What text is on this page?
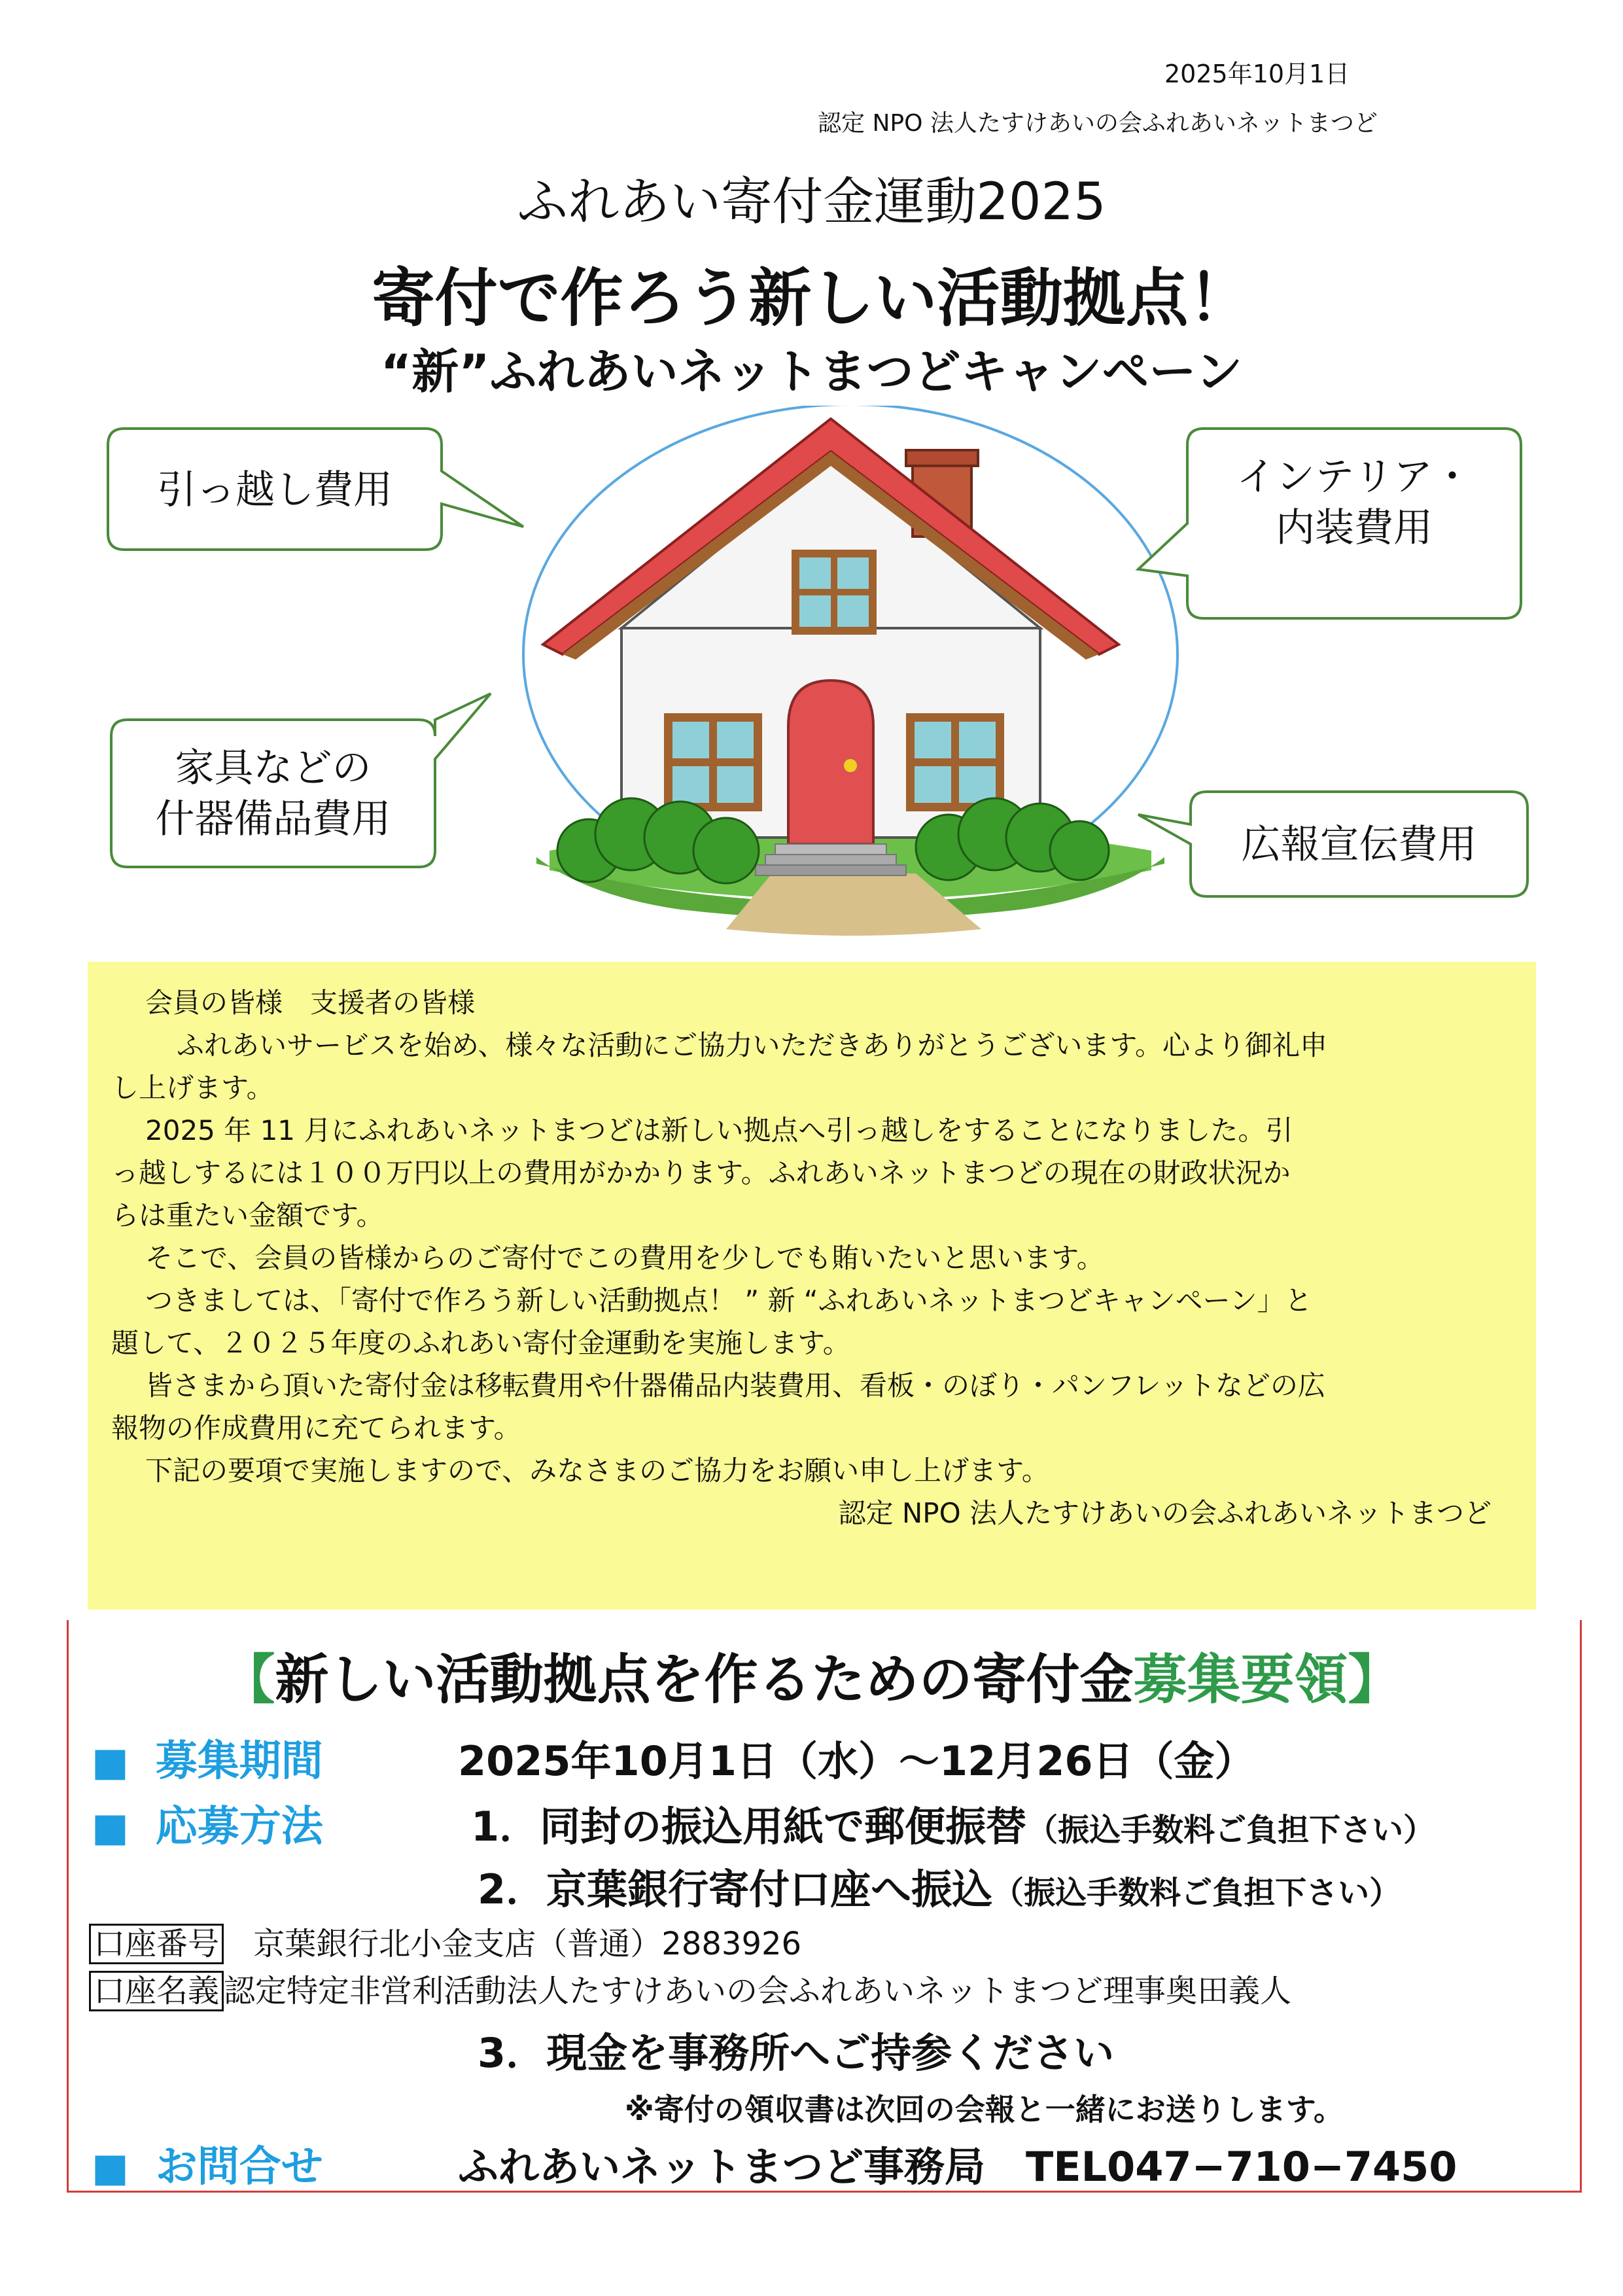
2025年10月1日
認定 NPO 法人たすけあいの会ふれあいネットまつど
ふれあい寄付金運動2025
寄付で作ろう新しい活動拠点！
“新”ふれあいネットまつどキャンペーン
引っ越し費用	インテリア・
内装費用
家具などの
什器備品費用
広報宣伝費用

会員の皆様　支援者の皆様

ふれあいサービスを始め、様々な活動にご協力いただきありがとうございます。心より御礼申

し上げます。

2025 年 11 月にふれあいネットまつどは新しい拠点へ引っ越しをすることになりました。引

っ越しするには１００万円以上の費用がかかります。ふれあいネットまつどの現在の財政状況か

らは重たい金額です。

そこで、会員の皆様からのご寄付でこの費用を少しでも賄いたいと思います。

つきましては、「寄付で作ろう新しい活動拠点！ ” 新 “ふれあいネットまつどキャンペーン」と

題して、２０２５年度のふれあい寄付金運動を実施します。

皆さまから頂いた寄付金は移転費用や什器備品内装費用、看板・のぼり・パンフレットなどの広

報物の作成費用に充てられます。

下記の要項で実施しますので、みなさまのご協力をお願い申し上げます。

認定 NPO 法人たすけあいの会ふれあいネットまつど

【新しい活動拠点を作るための寄付金募集要領】
■ 募集期間	2025年10月1日（水）～12月26日（金）
■ 応募方法	1．同封の振込用紙で郵便振替（振込手数料ご負担下さい）
2．京葉銀行寄付口座へ振込（振込手数料ご負担下さい）
口座番号 京葉銀行北小金支店（普通）2883926
口座名義 認定特定非営利活動法人たすけあいの会ふれあいネットまつど理事奥田義人
3．現金を事務所へご持参ください
※寄付の領収書は次回の会報と一緒にお送りします。
■ お問合せ	ふれあいネットまつど事務局　TEL047−710−7450
